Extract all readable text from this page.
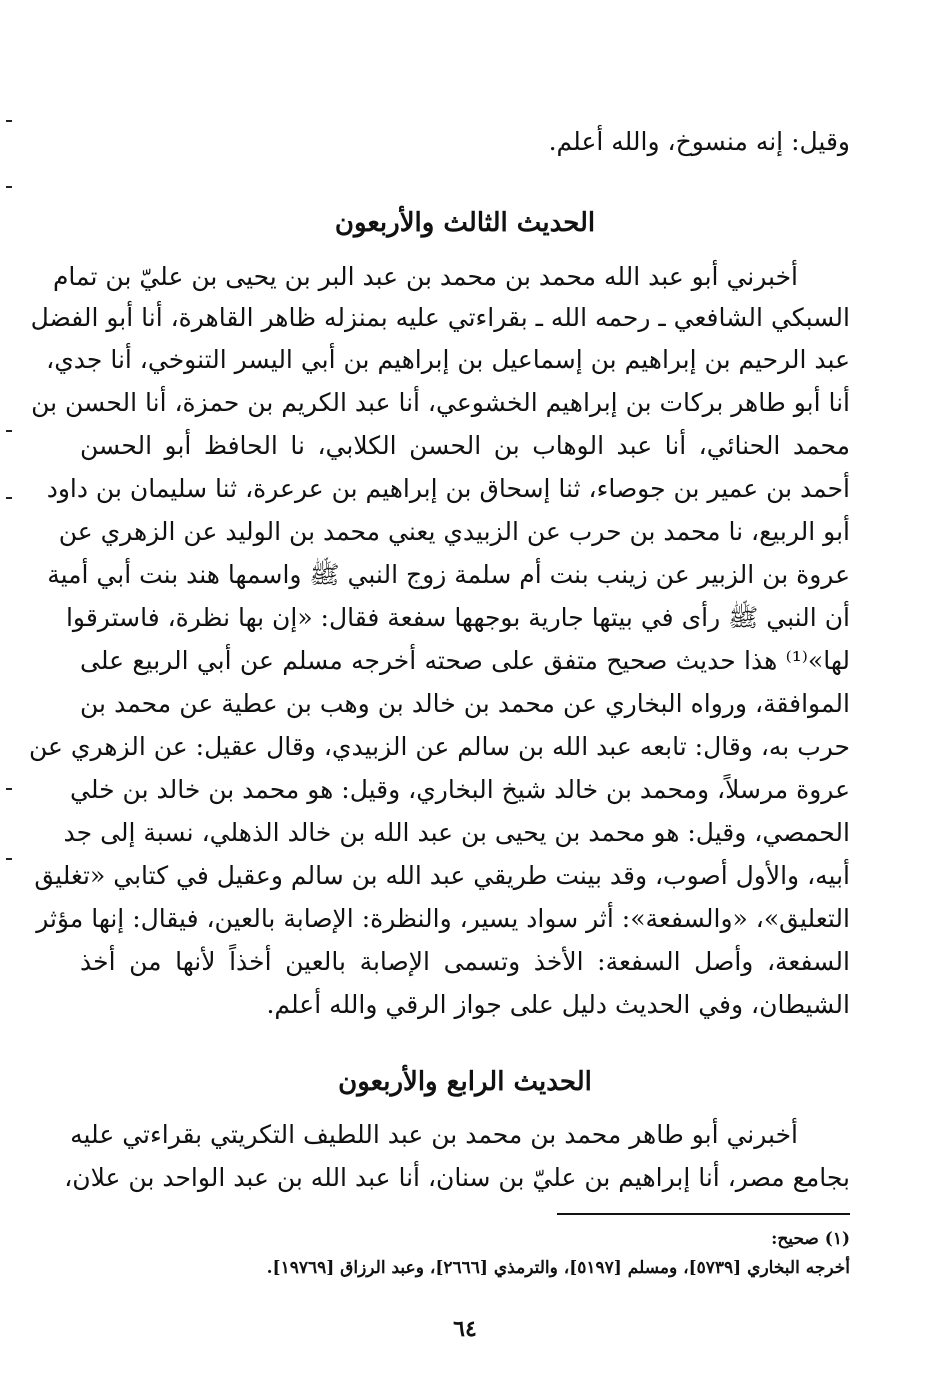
وقيل: إنه منسوخ، والله أعلم.
الحديث الثالث والأربعون
أخبرني أبو عبد الله محمد بن محمد بن عبد البر بن يحيى بن عليّ بن تمام
السبكي الشافعي ـ رحمه الله ـ بقراءتي عليه بمنزله ظاهر القاهرة، أنا أبو الفضل
عبد الرحيم بن إبراهيم بن إسماعيل بن إبراهيم بن أبي اليسر التنوخي، أنا جدي،
أنا أبو طاهر بركات بن إبراهيم الخشوعي، أنا عبد الكريم بن حمزة، أنا الحسن بن
محمد الحنائي، أنا عبد الوهاب بن الحسن الكلابي، نا الحافظ أبو الحسن
أحمد بن عمير بن جوصاء، ثنا إسحاق بن إبراهيم بن عرعرة، ثنا سليمان بن داود
أبو الربيع، نا محمد بن حرب عن الزبيدي يعني محمد بن الوليد عن الزهري عن
عروة بن الزبير عن زينب بنت أم سلمة زوج النبي ﷺ واسمها هند بنت أبي أمية
أن النبي ﷺ رأى في بيتها جارية بوجهها سفعة فقال: «إن بها نظرة، فاسترقوا
لها»⁽¹⁾ هذا حديث صحيح متفق على صحته أخرجه مسلم عن أبي الربيع على
الموافقة، ورواه البخاري عن محمد بن خالد بن وهب بن عطية عن محمد بن
حرب به، وقال: تابعه عبد الله بن سالم عن الزبيدي، وقال عقيل: عن الزهري عن
عروة مرسلاً، ومحمد بن خالد شيخ البخاري، وقيل: هو محمد بن خالد بن خلي
الحمصي، وقيل: هو محمد بن يحيى بن عبد الله بن خالد الذهلي، نسبة إلى جد
أبيه، والأول أصوب، وقد بينت طريقي عبد الله بن سالم وعقيل في كتابي «تغليق
التعليق»، «والسفعة»: أثر سواد يسير، والنظرة: الإصابة بالعين، فيقال: إنها مؤثر
السفعة، وأصل السفعة: الأخذ وتسمى الإصابة بالعين أخذاً لأنها من أخذ
الشيطان، وفي الحديث دليل على جواز الرقي والله أعلم.
الحديث الرابع والأربعون
أخبرني أبو طاهر محمد بن محمد بن عبد اللطيف التكريتي بقراءتي عليه
بجامع مصر، أنا إبراهيم بن عليّ بن سنان، أنا عبد الله بن عبد الواحد بن علان،
(١) صحيح:
أخرجه البخاري [٥٧٣٩]، ومسلم [٥١٩٧]، والترمذي [٢٦٦٦]، وعبد الرزاق [١٩٧٦٩].
٦٤
